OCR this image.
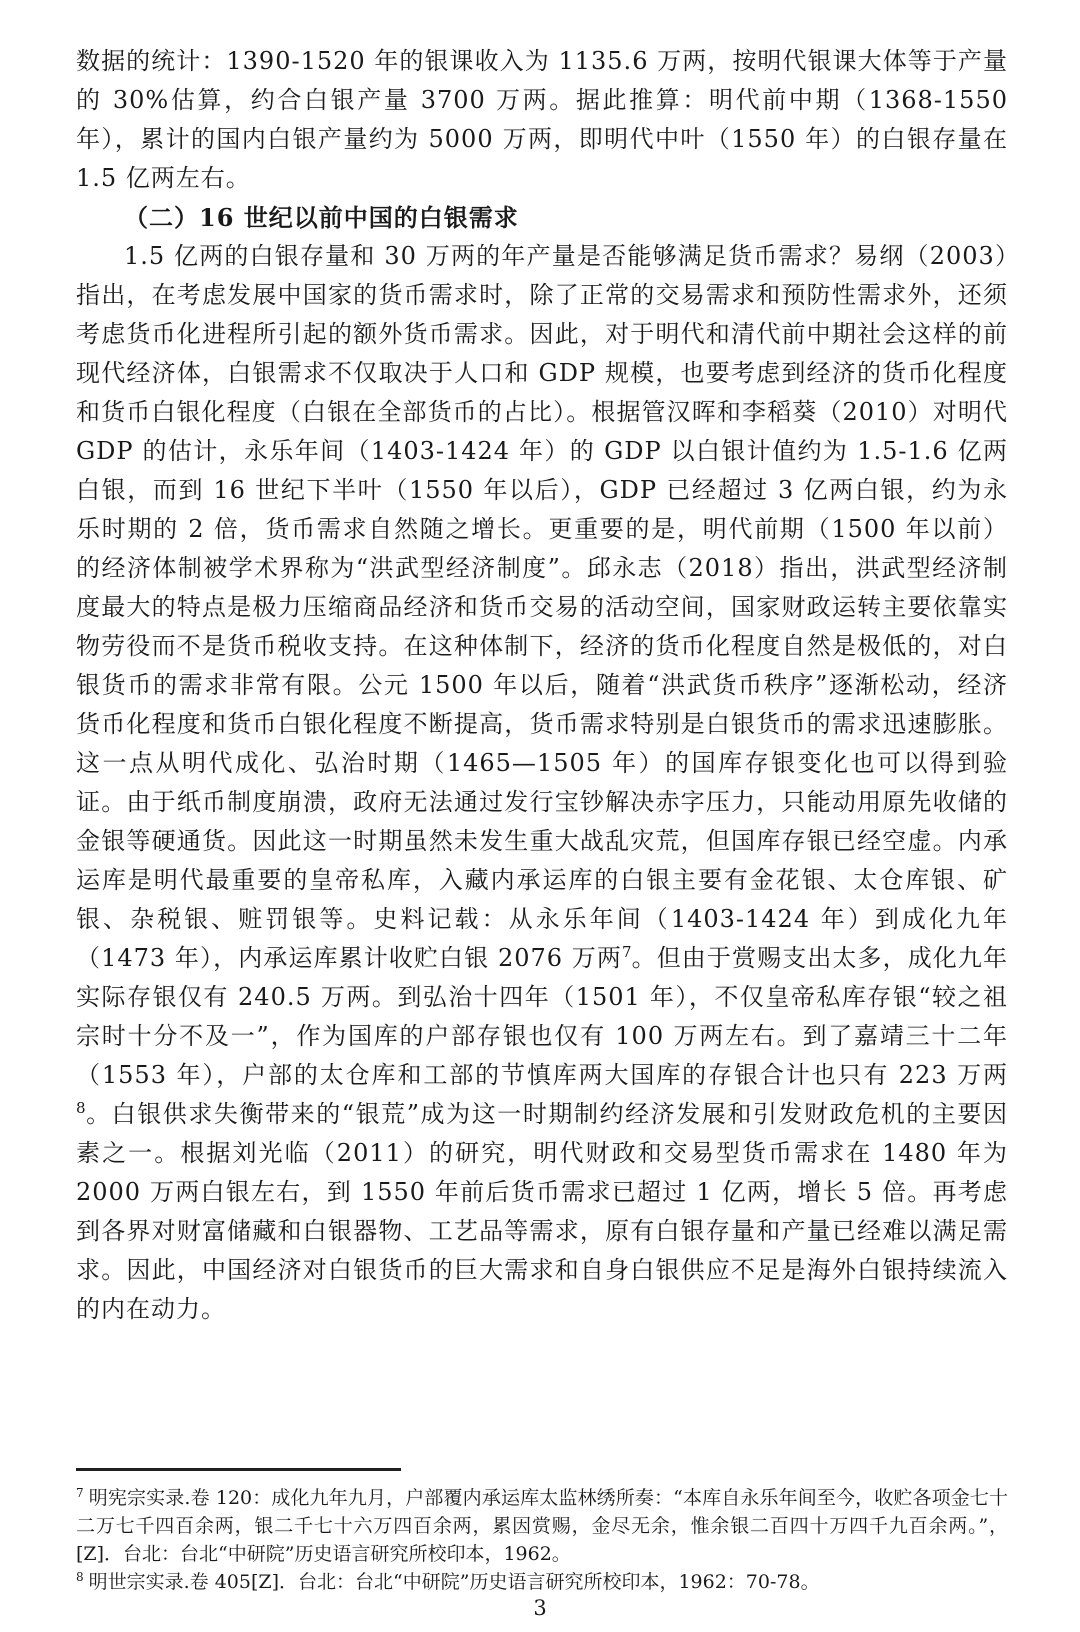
数据的统计：1390-1520 年的银课收入为 1135.6 万两，按明代银课大体等于产量的 30%估算，约合白银产量 3700 万两。据此推算：明代前中期（1368-1550 年），累计的国内白银产量约为 5000 万两，即明代中叶（1550 年）的白银存量在 1.5 亿两左右。

（二）16 世纪以前中国的白银需求

1.5 亿两的白银存量和 30 万两的年产量是否能够满足货币需求？易纲（2003）指出，在考虑发展中国家的货币需求时，除了正常的交易需求和预防性需求外，还须考虑货币化进程所引起的额外货币需求。因此，对于明代和清代前中期社会这样的前现代经济体，白银需求不仅取决于人口和 GDP 规模，也要考虑到经济的货币化程度和货币白银化程度（白银在全部货币的占比）。根据管汉晖和李稻葵（2010）对明代 GDP 的估计，永乐年间（1403-1424 年）的 GDP 以白银计值约为 1.5-1.6 亿两白银，而到 16 世纪下半叶（1550 年以后），GDP 已经超过 3 亿两白银，约为永乐时期的 2 倍，货币需求自然随之增长。更重要的是，明代前期（1500 年以前）的经济体制被学术界称为“洪武型经济制度”。邱永志（2018）指出，洪武型经济制度最大的特点是极力压缩商品经济和货币交易的活动空间，国家财政运转主要依靠实物劳役而不是货币税收支持。在这种体制下，经济的货币化程度自然是极低的，对白银货币的需求非常有限。公元 1500 年以后，随着“洪武货币秩序”逐渐松动，经济货币化程度和货币白银化程度不断提高，货币需求特别是白银货币的需求迅速膨胀。这一点从明代成化、弘治时期（1465—1505 年）的国库存银变化也可以得到验证。由于纸币制度崩溃，政府无法通过发行宝钞解决赤字压力，只能动用原先收储的金银等硬通货。因此这一时期虽然未发生重大战乱灾荒，但国库存银已经空虚。内承运库是明代最重要的皇帝私库，入藏内承运库的白银主要有金花银、太仓库银、矿银、杂税银、赃罚银等。史料记载：从永乐年间（1403-1424 年）到成化九年（1473 年），内承运库累计收贮白银 2076 万两$^7$。但由于赏赐支出太多，成化九年实际存银仅有 240.5 万两。到弘治十四年（1501 年），不仅皇帝私库存银“较之祖宗时十分不及一”，作为国库的户部存银也仅有 100 万两左右。到了嘉靖三十二年（1553 年），户部的太仓库和工部的节慎库两大国库的存银合计也只有 223 万两$^8$。白银供求失衡带来的“银荒”成为这一时期制约经济发展和引发财政危机的主要因素之一。根据刘光临（2011）的研究，明代财政和交易型货币需求在 1480 年为 2000 万两白银左右，到 1550 年前后货币需求已超过 1 亿两，增长 5 倍。再考虑到各界对财富储藏和白银器物、工艺品等需求，原有白银存量和产量已经难以满足需求。因此，中国经济对白银货币的巨大需求和自身白银供应不足是海外白银持续流入的内在动力。

$^7$ 明宪宗实录.卷 120：成化九年九月，户部覆内承运库太监林绣所奏：“本库自永乐年间至今，收贮各项金七十二万七千四百余两，银二千七十六万四百余两，累因赏赐，金尽无余，惟余银二百四十万四千九百余两。”，[Z]．台北：台北“中研院”历史语言研究所校印本，1962。

$^8$ 明世宗实录.卷 405[Z]．台北：台北“中研院”历史语言研究所校印本，1962：70-78。

3
